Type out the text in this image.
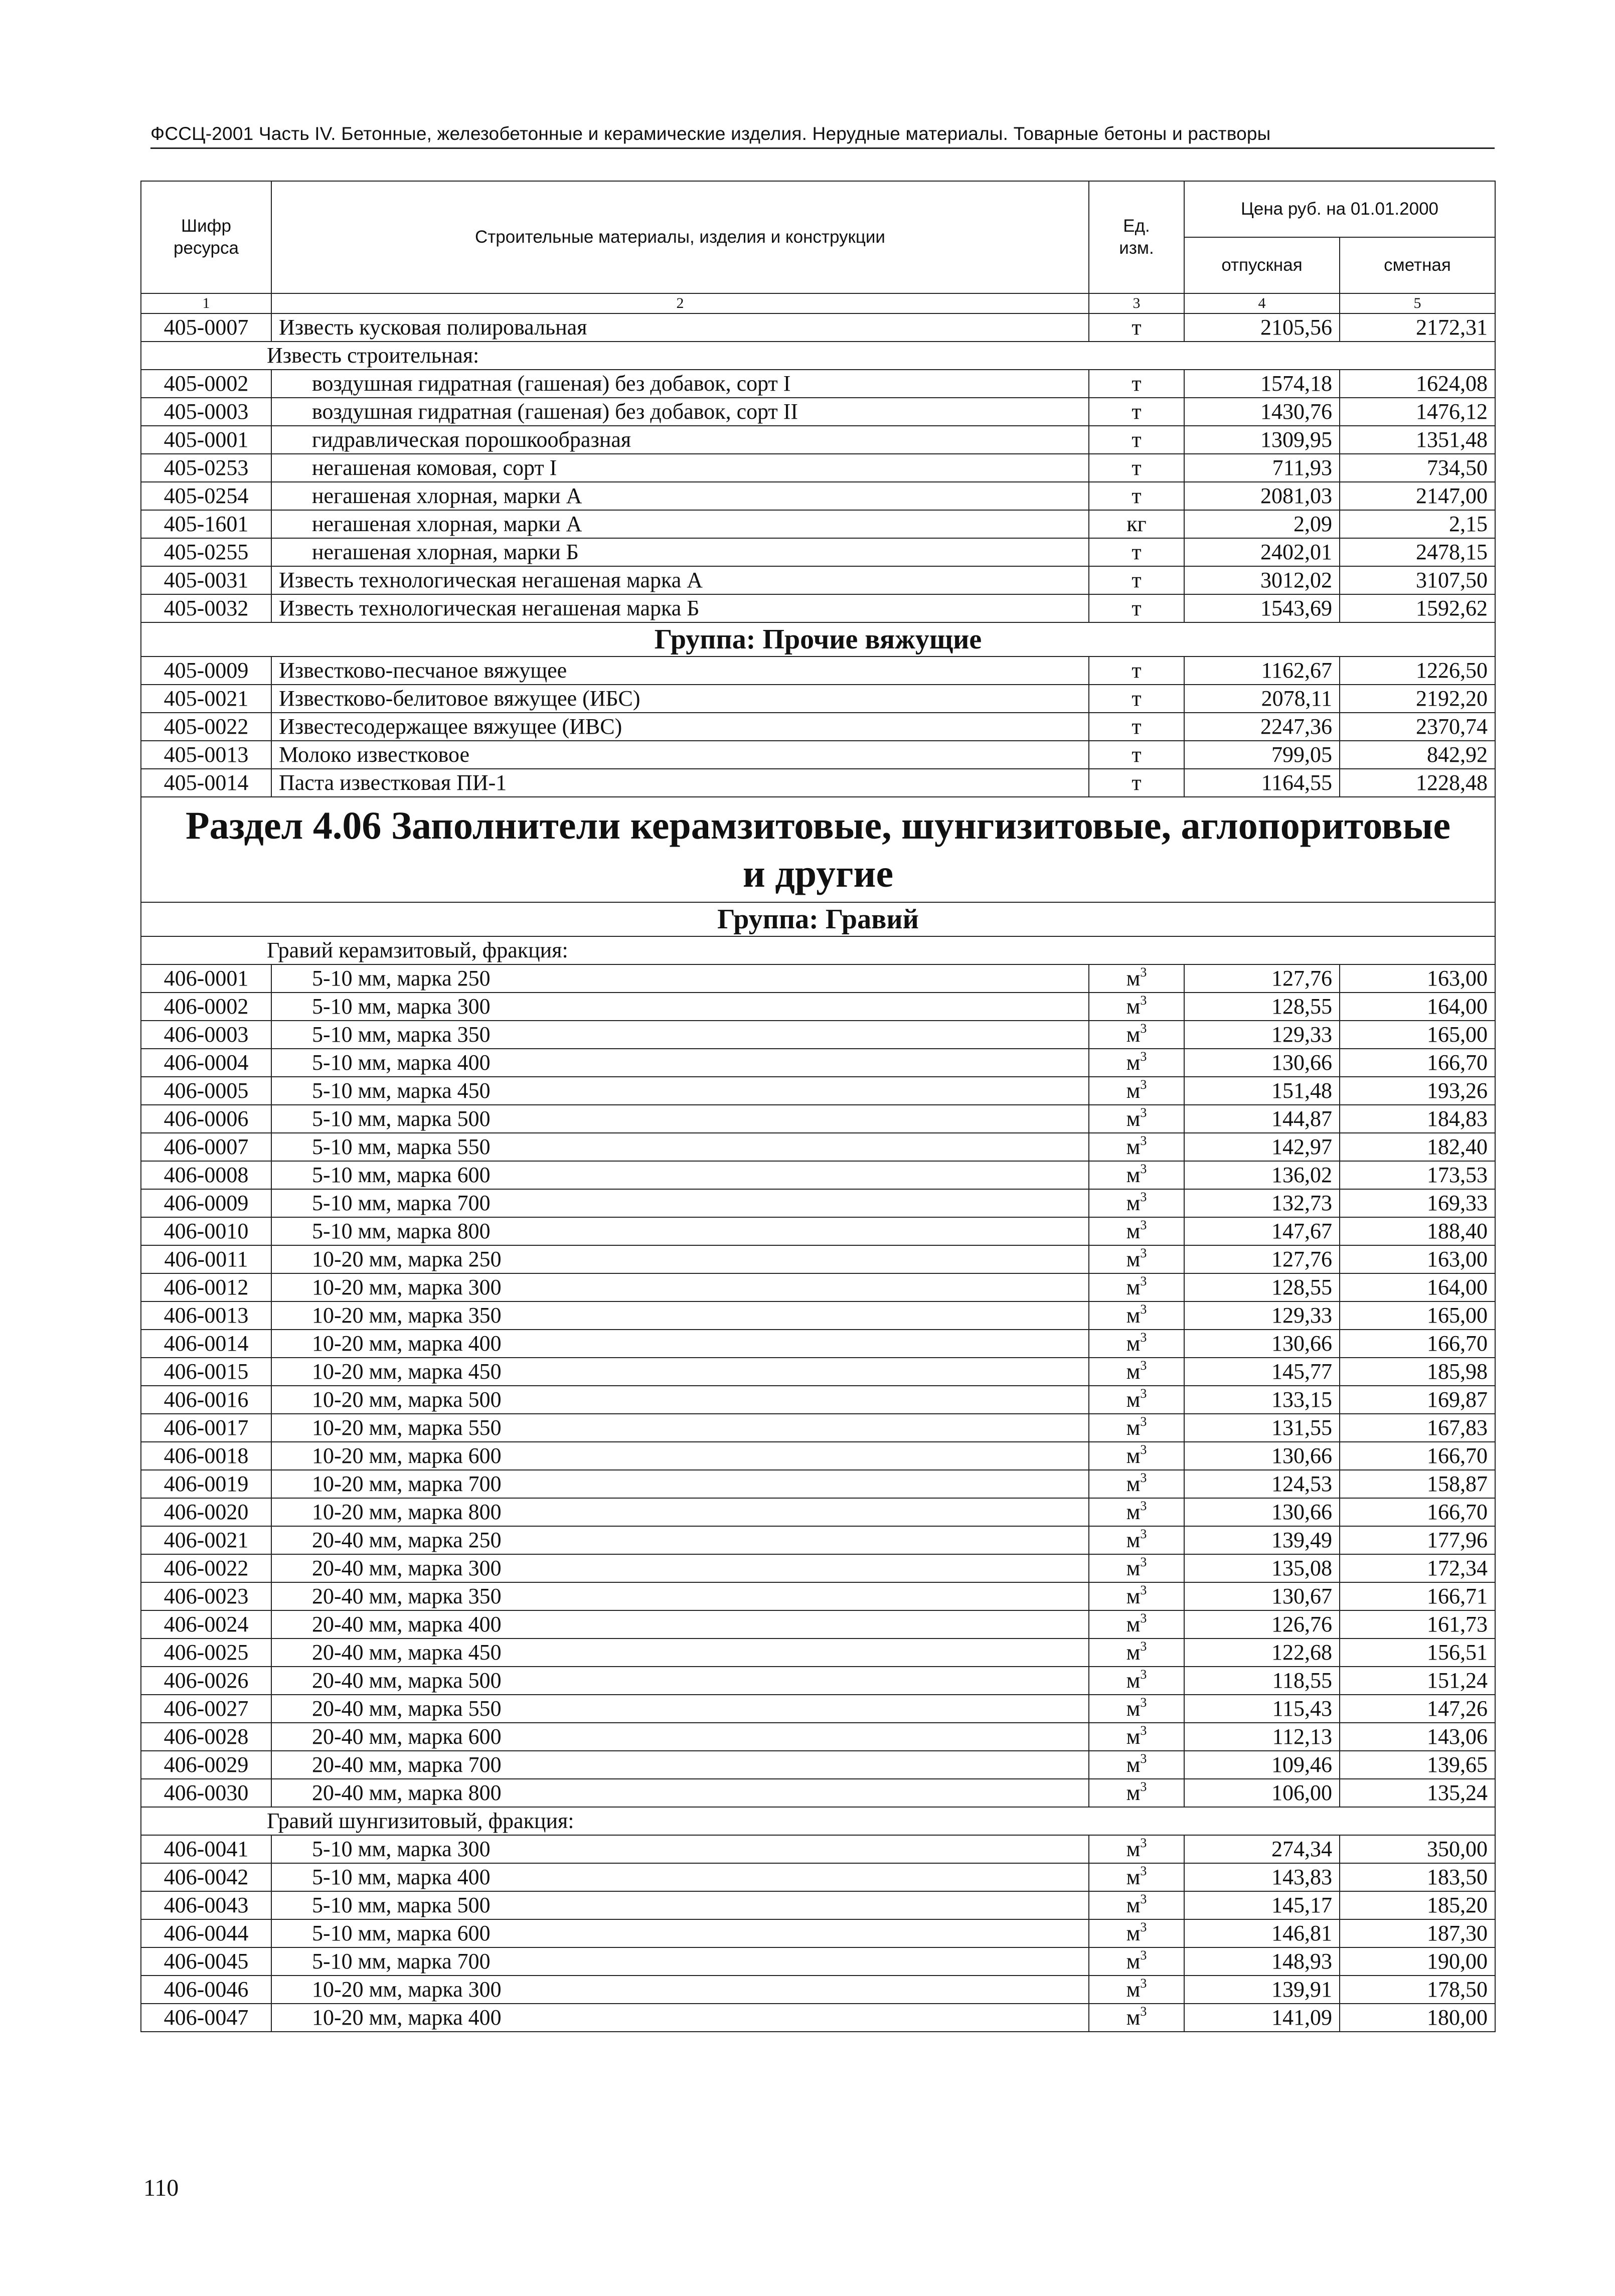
ФССЦ-2001 Часть IV. Бетонные, железобетонные и керамические изделия. Нерудные материалы. Товарные бетоны и растворы
Шифр ресурса	Строительные материалы, изделия и конструкции	Ед. изм.	Цена руб. на 01.01.2000	
			отпускная	сметная
1	2	3	4	5
405-0007	Известь кусковая полировальная	т	2105,56	2172,31
Известь строительная:				
405-0002	воздушная гидратная (гашеная) без добавок, сорт I	т	1574,18	1624,08
405-0003	воздушная гидратная (гашеная) без добавок, сорт II	т	1430,76	1476,12
405-0001	гидравлическая порошкообразная	т	1309,95	1351,48
405-0253	негашеная комовая, сорт I	т	711,93	734,50
405-0254	негашеная хлорная, марки А	т	2081,03	2147,00
405-1601	негашеная хлорная, марки А	кг	2,09	2,15
405-0255	негашеная хлорная, марки Б	т	2402,01	2478,15
405-0031	Известь технологическая негашеная марка А	т	3012,02	3107,50
405-0032	Известь технологическая негашеная марка Б	т	1543,69	1592,62
Группа: Прочие вяжущие				
405-0009	Известково-песчаное вяжущее	т	1162,67	1226,50
405-0021	Известково-белитовое вяжущее (ИБС)	т	2078,11	2192,20
405-0022	Известесодержащее вяжущее (ИВС)	т	2247,36	2370,74
405-0013	Молоко известковое	т	799,05	842,92
405-0014	Паста известковая ПИ-1	т	1164,55	1228,48
Раздел 4.06 Заполнители керамзитовые, шунгизитовые, аглопоритовые и другие				
Группа: Гравий				
Гравий керамзитовый, фракция:				
406-0001	5-10 мм, марка 250	$м^3$	127,76	163,00
406-0002	5-10 мм, марка 300	$м^3$	128,55	164,00
406-0003	5-10 мм, марка 350	$м^3$	129,33	165,00
406-0004	5-10 мм, марка 400	$м^3$	130,66	166,70
406-0005	5-10 мм, марка 450	$м^3$	151,48	193,26
406-0006	5-10 мм, марка 500	$м^3$	144,87	184,83
406-0007	5-10 мм, марка 550	$м^3$	142,97	182,40
406-0008	5-10 мм, марка 600	$м^3$	136,02	173,53
406-0009	5-10 мм, марка 700	$м^3$	132,73	169,33
406-0010	5-10 мм, марка 800	$м^3$	147,67	188,40
406-0011	10-20 мм, марка 250	$м^3$	127,76	163,00
406-0012	10-20 мм, марка 300	$м^3$	128,55	164,00
406-0013	10-20 мм, марка 350	$м^3$	129,33	165,00
406-0014	10-20 мм, марка 400	$м^3$	130,66	166,70
406-0015	10-20 мм, марка 450	$м^3$	145,77	185,98
406-0016	10-20 мм, марка 500	$м^3$	133,15	169,87
406-0017	10-20 мм, марка 550	$м^3$	131,55	167,83
406-0018	10-20 мм, марка 600	$м^3$	130,66	166,70
406-0019	10-20 мм, марка 700	$м^3$	124,53	158,87
406-0020	10-20 мм, марка 800	$м^3$	130,66	166,70
406-0021	20-40 мм, марка 250	$м^3$	139,49	177,96
406-0022	20-40 мм, марка 300	$м^3$	135,08	172,34
406-0023	20-40 мм, марка 350	$м^3$	130,67	166,71
406-0024	20-40 мм, марка 400	$м^3$	126,76	161,73
406-0025	20-40 мм, марка 450	$м^3$	122,68	156,51
406-0026	20-40 мм, марка 500	$м^3$	118,55	151,24
406-0027	20-40 мм, марка 550	$м^3$	115,43	147,26
406-0028	20-40 мм, марка 600	$м^3$	112,13	143,06
406-0029	20-40 мм, марка 700	$м^3$	109,46	139,65
406-0030	20-40 мм, марка 800	$м^3$	106,00	135,24
Гравий шунгизитовый, фракция:				
406-0041	5-10 мм, марка 300	$м^3$	274,34	350,00
406-0042	5-10 мм, марка 400	$м^3$	143,83	183,50
406-0043	5-10 мм, марка 500	$м^3$	145,17	185,20
406-0044	5-10 мм, марка 600	$м^3$	146,81	187,30
406-0045	5-10 мм, марка 700	$м^3$	148,93	190,00
406-0046	10-20 мм, марка 300	$м^3$	139,91	178,50
406-0047	10-20 мм, марка 400	$м^3$	141,09	180,00
110
